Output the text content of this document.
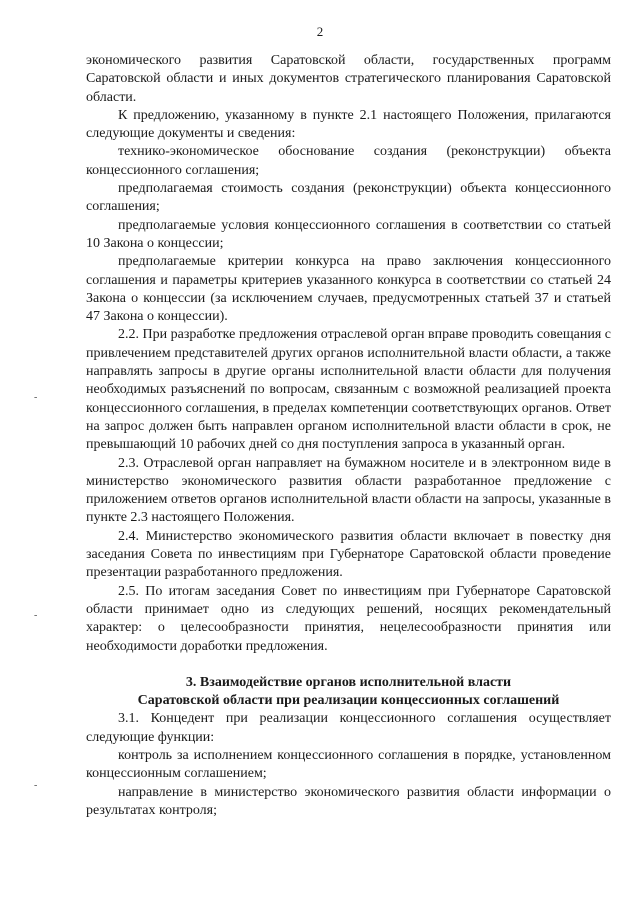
2
-
-
-

экономического развития Саратовской области, государственных программ Саратовской области и иных документов стратегического планирования Саратовской области.

К предложению, указанному в пункте 2.1 настоящего Положения, прилагаются следующие документы и сведения:

технико-экономическое обоснование создания (реконструкции) объекта концессионного соглашения;

предполагаемая стоимость создания (реконструкции) объекта концессионного соглашения;

предполагаемые условия концессионного соглашения в соответствии со статьей 10 Закона о концессии;

предполагаемые критерии конкурса на право заключения концессионного соглашения и параметры критериев указанного конкурса в соответствии со статьей 24 Закона о концессии (за исключением случаев, предусмотренных статьей 37 и статьей 47 Закона о концессии).

2.2. При разработке предложения отраслевой орган вправе проводить совещания с привлечением представителей других органов исполнительной власти области, а также направлять запросы в другие органы исполнительной власти области для получения необходимых разъяснений по вопросам, связанным с возможной реализацией проекта концессионного соглашения, в пределах компетенции соответствующих органов. Ответ на запрос должен быть направлен органом исполнительной власти области в срок, не превышающий 10 рабочих дней со дня поступления запроса в указанный орган.

2.3. Отраслевой орган направляет на бумажном носителе и в электронном виде в министерство экономического развития области разработанное предложение с приложением ответов органов исполнительной власти области на запросы, указанные в пункте 2.3 настоящего Положения.

2.4. Министерство экономического развития области включает в повестку дня заседания Совета по инвестициям при Губернаторе Саратовской области проведение презентации разработанного предложения.

2.5. По итогам заседания Совет по инвестициям при Губернаторе Саратовской области принимает одно из следующих решений, носящих рекомендательный характер: о целесообразности принятия, нецелесообразности принятия или необходимости доработки предложения.

3. Взаимодействие органов исполнительной власти
Саратовской области при реализации концессионных соглашений

3.1. Концедент при реализации концессионного соглашения осуществляет следующие функции:

контроль за исполнением концессионного соглашения в порядке, установленном концессионным соглашением;

направление в министерство экономического развития области информации о результатах контроля;
